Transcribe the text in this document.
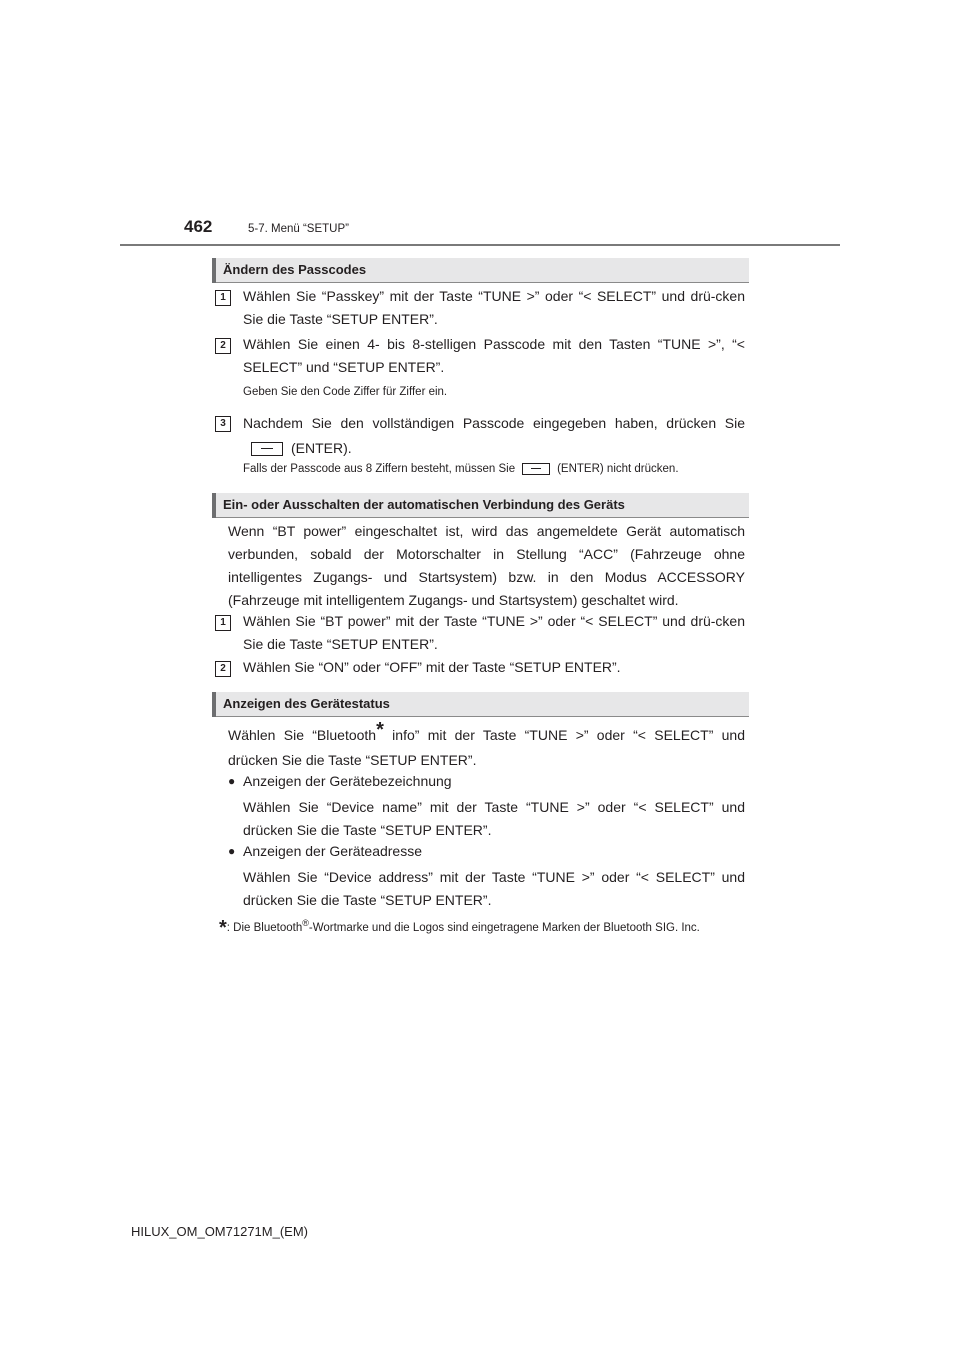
462	5-7. Menü “SETUP”
Ändern des Passcodes
1	Wählen Sie “Passkey” mit der Taste “TUNE >” oder “< SELECT” und drü-cken Sie die Taste “SETUP ENTER”.
2	Wählen Sie einen 4- bis 8-stelligen Passcode mit den Tasten “TUNE >”, “< SELECT” und “SETUP ENTER”.
Geben Sie den Code Ziffer für Ziffer ein.
3	Nachdem Sie den vollständigen Passcode eingegeben haben, drücken Sie(ENTER).
Falls der Passcode aus 8 Ziffern besteht, müssen Sie	(ENTER) nicht drücken.
Ein- oder Ausschalten der automatischen Verbindung des Geräts
Wenn “BT power” eingeschaltet ist, wird das angemeldete Gerät automatisch verbunden, sobald der Motorschalter in Stellung “ACC” (Fahrzeuge ohne intelligentes Zugangs- und Startsystem) bzw. in den Modus ACCESSORY (Fahrzeuge mit intelligentem Zugangs- und Startsystem) geschaltet wird.
1	Wählen Sie “BT power” mit der Taste “TUNE >” oder “< SELECT” und drü-cken Sie die Taste “SETUP ENTER”.
2	Wählen Sie “ON” oder “OFF” mit der Taste “SETUP ENTER”.
Anzeigen des Gerätestatus
Wählen Sie “Bluetooth* info” mit der Taste “TUNE >” oder “< SELECT” und drücken Sie die Taste “SETUP ENTER”.
● Anzeigen der Gerätebezeichnung
Wählen Sie “Device name” mit der Taste “TUNE >” oder “< SELECT” und drücken Sie die Taste “SETUP ENTER”.
● Anzeigen der Geräteadresse
Wählen Sie “Device address” mit der Taste “TUNE >” oder “< SELECT” und drücken Sie die Taste “SETUP ENTER”.
*: Die Bluetooth®-Wortmarke und die Logos sind eingetragene Marken der Bluetooth SIG. Inc.
HILUX_OM_OM71271M_(EM)
